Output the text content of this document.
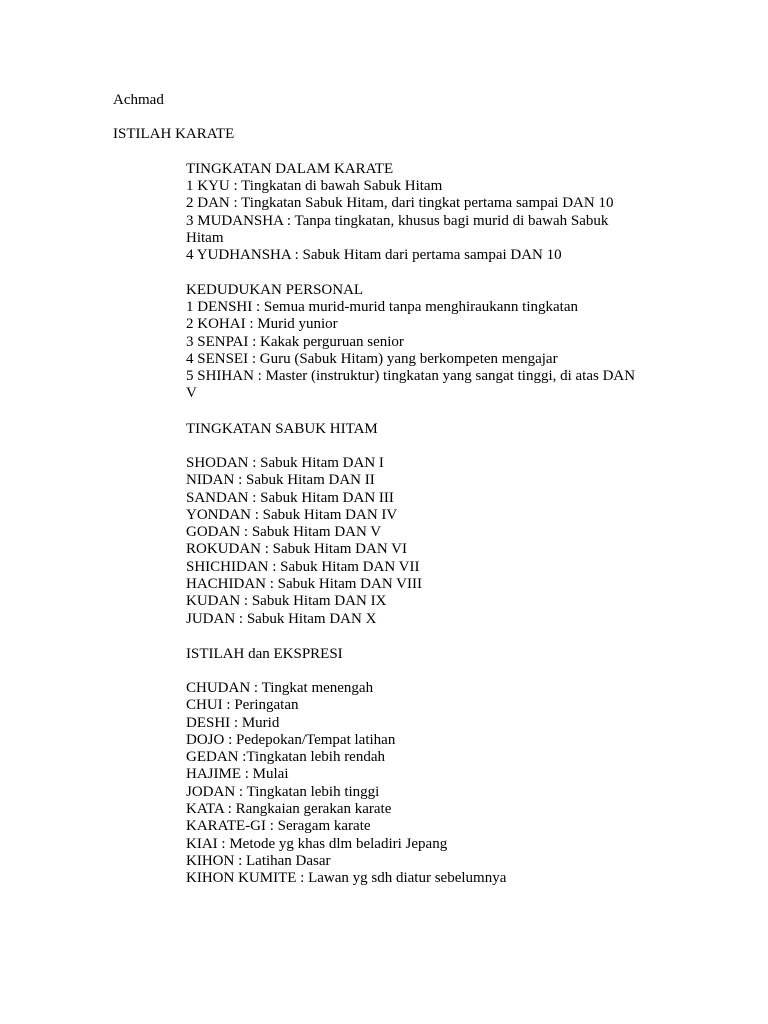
Achmad

ISTILAH KARATE

TINGKATAN DALAM KARATE

1 KYU : Tingkatan di bawah Sabuk Hitam
2 DAN : Tingkatan Sabuk Hitam, dari tingkat pertama sampai DAN 10
3 MUDANSHA : Tanpa tingkatan, khusus bagi murid di bawah Sabuk Hitam
4 YUDHANSHA : Sabuk Hitam dari pertama sampai DAN 10

KEDUDUKAN PERSONAL

1 DENSHI : Semua murid-murid tanpa menghiraukann tingkatan
2 KOHAI : Murid yunior
3 SENPAI : Kakak perguruan senior
4 SENSEI : Guru (Sabuk Hitam) yang berkompeten mengajar
5 SHIHAN : Master (instruktur) tingkatan yang sangat tinggi, di atas DAN V

TINGKATAN SABUK HITAM

SHODAN : Sabuk Hitam DAN I
NIDAN : Sabuk Hitam DAN II
SANDAN : Sabuk Hitam DAN III
YONDAN : Sabuk Hitam DAN IV
GODAN : Sabuk Hitam DAN V
ROKUDAN : Sabuk Hitam DAN VI
SHICHIDAN : Sabuk Hitam DAN VII
HACHIDAN : Sabuk Hitam DAN VIII
KUDAN : Sabuk Hitam DAN IX
JUDAN : Sabuk Hitam DAN X

ISTILAH dan EKSPRESI

CHUDAN : Tingkat menengah
CHUI : Peringatan
DESHI : Murid
DOJO : Pedepokan/Tempat latihan
GEDAN :Tingkatan lebih rendah
HAJIME : Mulai
JODAN : Tingkatan lebih tinggi
KATA : Rangkaian gerakan karate
KARATE-GI : Seragam karate
KIAI : Metode yg khas dlm beladiri Jepang
KIHON : Latihan Dasar
KIHON KUMITE : Lawan yg sdh diatur sebelumnya
